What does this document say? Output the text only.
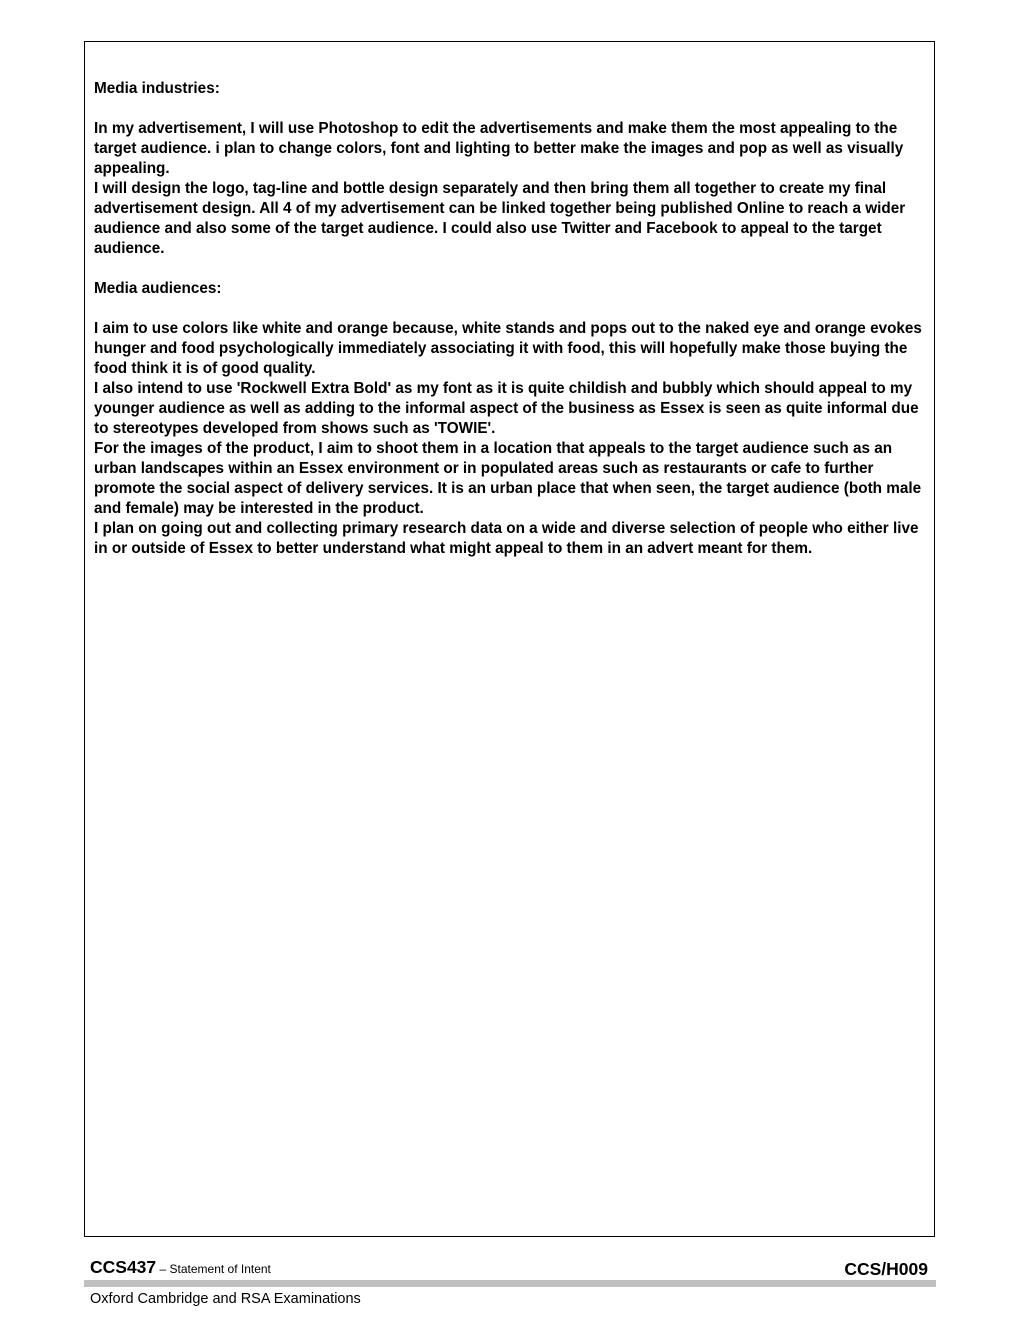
Media industries:

In my advertisement, I will use Photoshop to edit the advertisements and make them the most appealing to the target audience. i plan to change colors, font and lighting to better make the images and pop as well as visually appealing.

I will design the logo, tag-line and bottle design separately and then bring them all together to create my final advertisement design. All 4 of my advertisement can be linked together being published Online to reach a wider audience and also some of the target audience. I could also use Twitter and Facebook to appeal to the target audience.

Media audiences:

I aim to use colors like white and orange because, white stands and pops out to the naked eye and orange evokes hunger and food psychologically immediately associating it with food, this will hopefully make those buying the food think it is of good quality.

I also intend to use 'Rockwell Extra Bold' as my font as it is quite childish and bubbly which should appeal to my younger audience as well as adding to the informal aspect of the business as Essex is seen as quite informal due to stereotypes developed from shows such as 'TOWIE'.

For the images of the product, I aim to shoot them in a location that appeals to the target audience such as an urban landscapes within an Essex environment or in populated areas such as restaurants or cafe to further promote the social aspect of delivery services. It is an urban place that when seen, the target audience (both male and female) may be interested in the product.

I plan on going out and collecting primary research data on a wide and diverse selection of people who either live in or outside of Essex to better understand what might appeal to them in an advert meant for them.

CCS437 – Statement of Intent	CCS/H009
Oxford Cambridge and RSA Examinations
